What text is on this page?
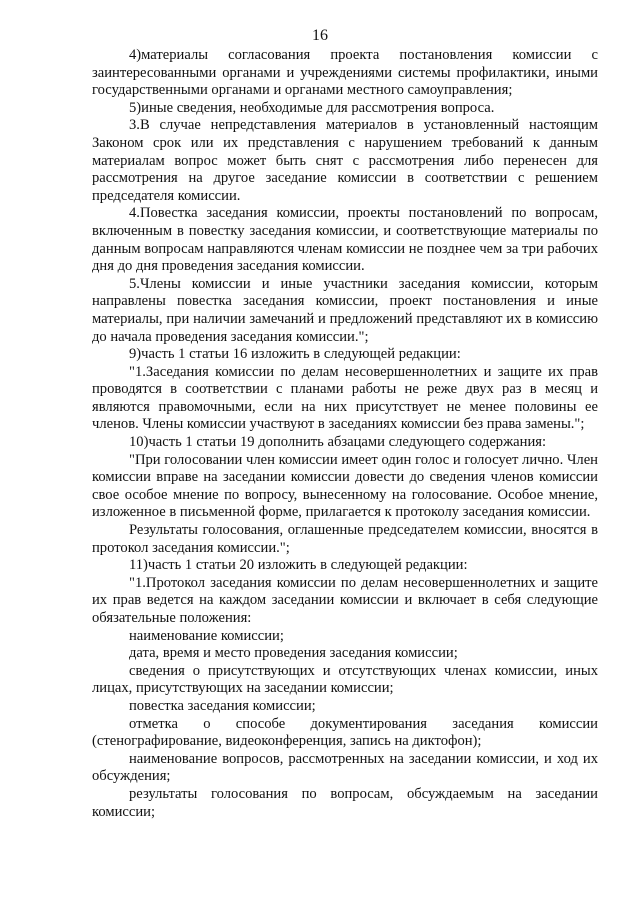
16

4)материалы согласования проекта постановления комиссии с заинтересованными органами и учреждениями системы профилактики, иными государственными органами и органами местного самоуправления;

5)иные сведения, необходимые для рассмотрения вопроса.

3.В случае непредставления материалов в установленный настоящим Законом срок или их представления с нарушением требований к данным материалам вопрос может быть снят с рассмотрения либо перенесен для рассмотрения на другое заседание комиссии в соответствии с решением председателя комиссии.

4.Повестка заседания комиссии, проекты постановлений по вопросам, включенным в повестку заседания комиссии, и соответствующие материалы по данным вопросам направляются членам комиссии не позднее чем за три рабочих дня до дня проведения заседания комиссии.

5.Члены комиссии и иные участники заседания комиссии, которым направлены повестка заседания комиссии, проект постановления и иные материалы, при наличии замечаний и предложений представляют их в комиссию до начала проведения заседания комиссии.";

9)часть 1 статьи 16 изложить в следующей редакции:

"1.Заседания комиссии по делам несовершеннолетних и защите их прав проводятся в соответствии с планами работы не реже двух раз в месяц и являются правомочными, если на них присутствует не менее половины ее членов. Члены комиссии участвуют в заседаниях комиссии без права замены.";

10)часть 1 статьи 19 дополнить абзацами следующего содержания:

"При голосовании член комиссии имеет один голос и голосует лично. Член комиссии вправе на заседании комиссии довести до сведения членов комиссии свое особое мнение по вопросу, вынесенному на голосование. Особое мнение, изложенное в письменной форме, прилагается к протоколу заседания комиссии.

Результаты голосования, оглашенные председателем комиссии, вносятся в протокол заседания комиссии.";

11)часть 1 статьи 20 изложить в следующей редакции:

"1.Протокол заседания комиссии по делам несовершеннолетних и защите их прав ведется на каждом заседании комиссии и включает в себя следующие обязательные положения:

наименование комиссии;

дата, время и место проведения заседания комиссии;

сведения о присутствующих и отсутствующих членах комиссии, иных лицах, присутствующих на заседании комиссии;

повестка заседания комиссии;

отметка о способе документирования заседания комиссии (стенографирование, видеоконференция, запись на диктофон);

наименование вопросов, рассмотренных на заседании комиссии, и ход их обсуждения;

результаты голосования по вопросам, обсуждаемым на заседании комиссии;
